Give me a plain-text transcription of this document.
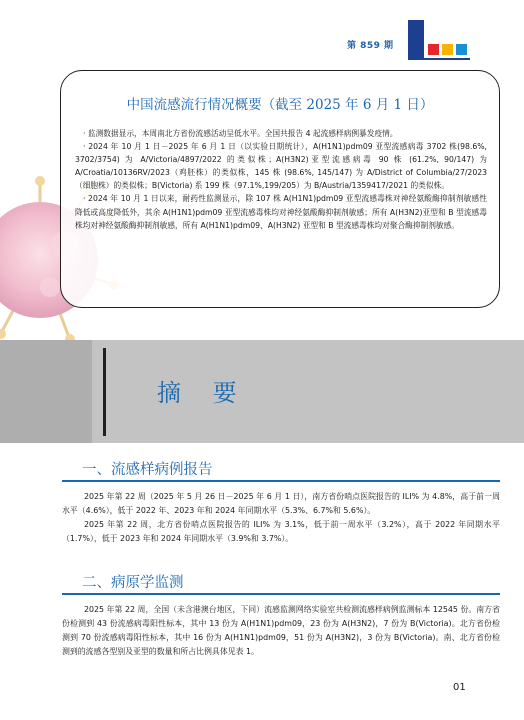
第 859 期
中国流感流行情况概要（截至 2025 年 6 月 1 日）

· 监测数据显示，本周南北方省份流感活动呈低水平。全国共报告 4 起流感样病例暴发疫情。

· 2024 年 10 月 1 日－2025 年 6 月 1 日（以实验日期统计），A(H1N1)pdm09 亚型流感病毒 3702 株(98.6%, 3702/3754) 为 A/Victoria/4897/2022 的类似株；A(H3N2)亚型流感病毒 90 株 (61.2%, 90/147) 为 A/Croatia/10136RV/2023（鸡胚株）的类似株，145 株 (98.6%, 145/147) 为 A/District of Columbia/27/2023（细胞株）的类似株；B(Victoria) 系 199 株（97.1%,199/205）为 B/Austria/1359417/2021 的类似株。

· 2024 年 10 月 1 日以来，耐药性监测显示，除 107 株 A(H1N1)pdm09 亚型流感毒株对神经氨酸酶抑制剂敏感性降低或高度降低外，其余 A(H1N1)pdm09 亚型流感毒株均对神经氨酸酶抑制剂敏感；所有 A(H3N2)亚型和 B 型流感毒株均对神经氨酸酶抑制剂敏感，所有 A(H1N1)pdm09、A(H3N2) 亚型和 B 型流感毒株均对聚合酶抑制剂敏感。

摘 要
一、流感样病例报告

2025 年第 22 周（2025 年 5 月 26 日－2025 年 6 月 1 日），南方省份哨点医院报告的 ILI% 为 4.8%，高于前一周水平（4.6%），低于 2022 年、2023 年和 2024 年同期水平（5.3%、6.7%和 5.6%）。

2025 年第 22 周，北方省份哨点医院报告的 ILI% 为 3.1%，低于前一周水平（3.2%），高于 2022 年同期水平（1.7%），低于 2023 年和 2024 年同期水平（3.9%和 3.7%）。

二、病原学监测

2025 年第 22 周，全国（未含港澳台地区，下同）流感监测网络实验室共检测流感样病例监测标本 12545 份。南方省份检测到 43 份流感病毒阳性标本，其中 13 份为 A(H1N1)pdm09，23 份为 A(H3N2)，7 份为 B(Victoria)。北方省份检测到 70 份流感病毒阳性标本，其中 16 份为 A(H1N1)pdm09，51 份为 A(H3N2)，3 份为 B(Victoria)。南、北方省份检测到的流感各型别及亚型的数量和所占比例具体见表 1。

01
